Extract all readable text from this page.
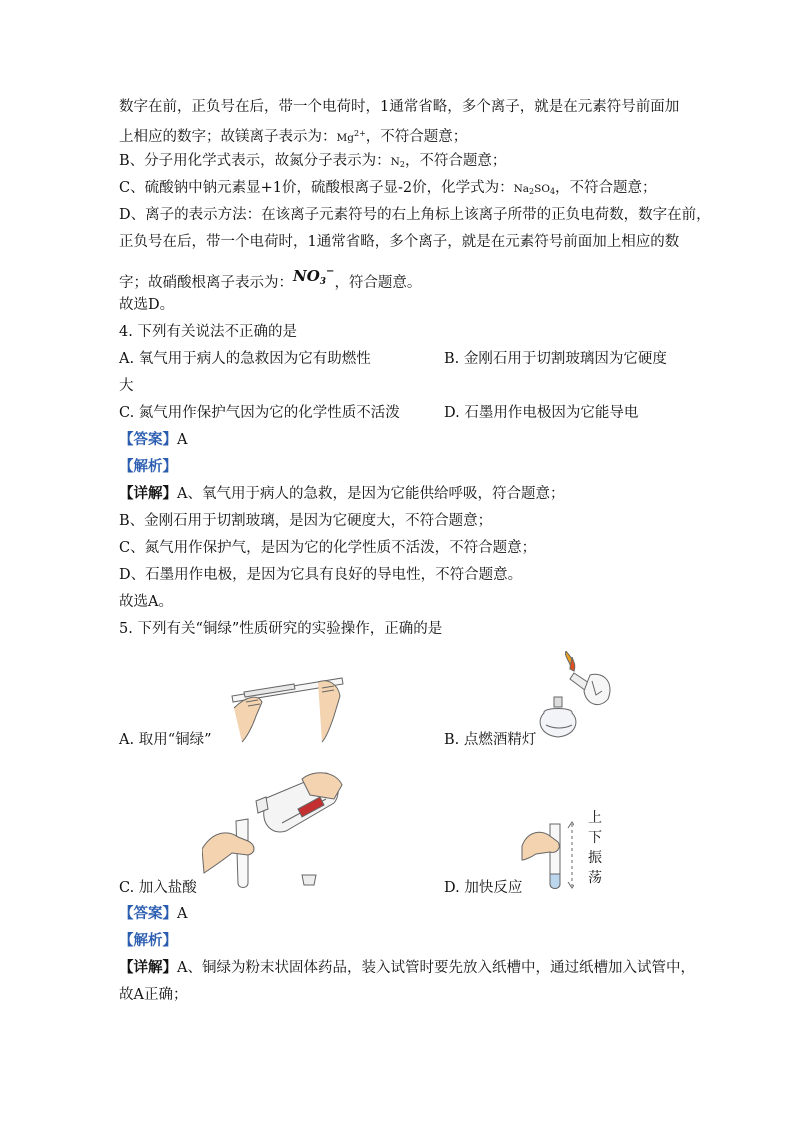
数字在前，正负号在后，带一个电荷时，1通常省略，多个离子，就是在元素符号前面加
上相应的数字；故镁离子表示为：$Mg^{2+}$，不符合题意；
B、分子用化学式表示，故氮分子表示为：$N_2$，不符合题意；
C、硫酸钠中钠元素显+1价，硫酸根离子显-2价，化学式为：$Na_2SO_4$，不符合题意；
D、离子的表示方法：在该离子元素符号的右上角标上该离子所带的正负电荷数，数字在前，
正负号在后，带一个电荷时，1通常省略，多个离子，就是在元素符号前面加上相应的数
字；故硝酸根离子表示为：$NO_3^-$，符合题意。
故选D。
4. 下列有关说法不正确的是
A. 氧气用于病人的急救因为它有助燃性	B. 金刚石用于切割玻璃因为它硬度
大
C. 氮气用作保护气因为它的化学性质不活泼	D. 石墨用作电极因为它能导电
【答案】A
【解析】
【详解】A、氧气用于病人的急救，是因为它能供给呼吸，符合题意；
B、金刚石用于切割玻璃，是因为它硬度大，不符合题意；
C、氮气用作保护气，是因为它的化学性质不活泼，不符合题意；
D、石墨用作电极，是因为它具有良好的导电性，不符合题意。
故选A。
5. 下列有关“铜绿”性质研究的实验操作，正确的是
A. 取用“铜绿”	B. 点燃酒精灯
C. 加入盐酸
上
下
振
荡
D. 加快反应
【答案】A
【解析】
【详解】A、铜绿为粉末状固体药品，装入试管时要先放入纸槽中，通过纸槽加入试管中，
故A正确；
